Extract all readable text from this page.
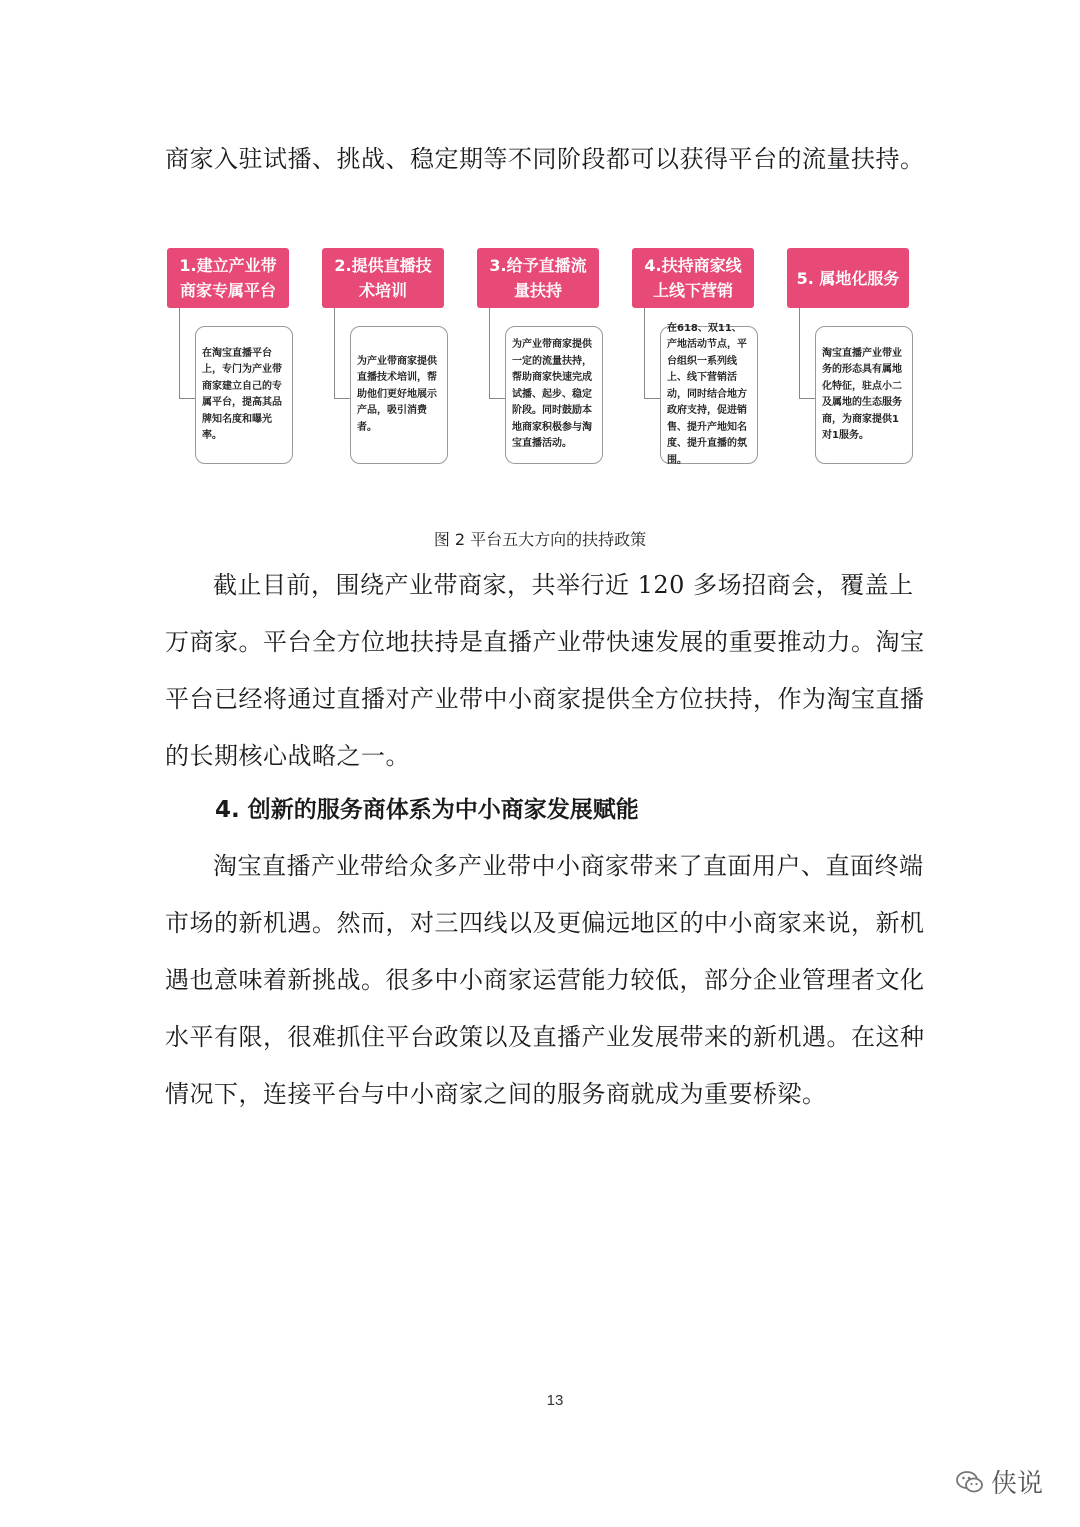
商家入驻试播、挑战、稳定期等不同阶段都可以获得平台的流量扶持。

1.建立产业带商家专属平台
在淘宝直播平台上，专门为产业带商家建立自己的专属平台，提高其品牌知名度和曝光率。
2.提供直播技术培训
为产业带商家提供直播技术培训，帮助他们更好地展示产品，吸引消费者。
3.给予直播流量扶持
为产业带商家提供一定的流量扶持，帮助商家快速完成试播、起步、稳定阶段。同时鼓励本地商家积极参与淘宝直播活动。
4.扶持商家线上线下营销
在618、双11、产地活动节点，平台组织一系列线上、线下营销活动，同时结合地方政府支持，促进销售、提升产地知名度、提升直播的氛围。
5. 属地化服务
淘宝直播产业带业务的形态具有属地化特征，驻点小二及属地的生态服务商，为商家提供1对1服务。
图 2 平台五大方向的扶持政策

截止目前，围绕产业带商家，共举行近 120 多场招商会，覆盖上万商家。平台全方位地扶持是直播产业带快速发展的重要推动力。淘宝平台已经将通过直播对产业带中小商家提供全方位扶持，作为淘宝直播的长期核心战略之一。

4. 创新的服务商体系为中小商家发展赋能

淘宝直播产业带给众多产业带中小商家带来了直面用户、直面终端市场的新机遇。然而，对三四线以及更偏远地区的中小商家来说，新机遇也意味着新挑战。很多中小商家运营能力较低，部分企业管理者文化水平有限，很难抓住平台政策以及直播产业发展带来的新机遇。在这种情况下，连接平台与中小商家之间的服务商就成为重要桥梁。

13
侠说
